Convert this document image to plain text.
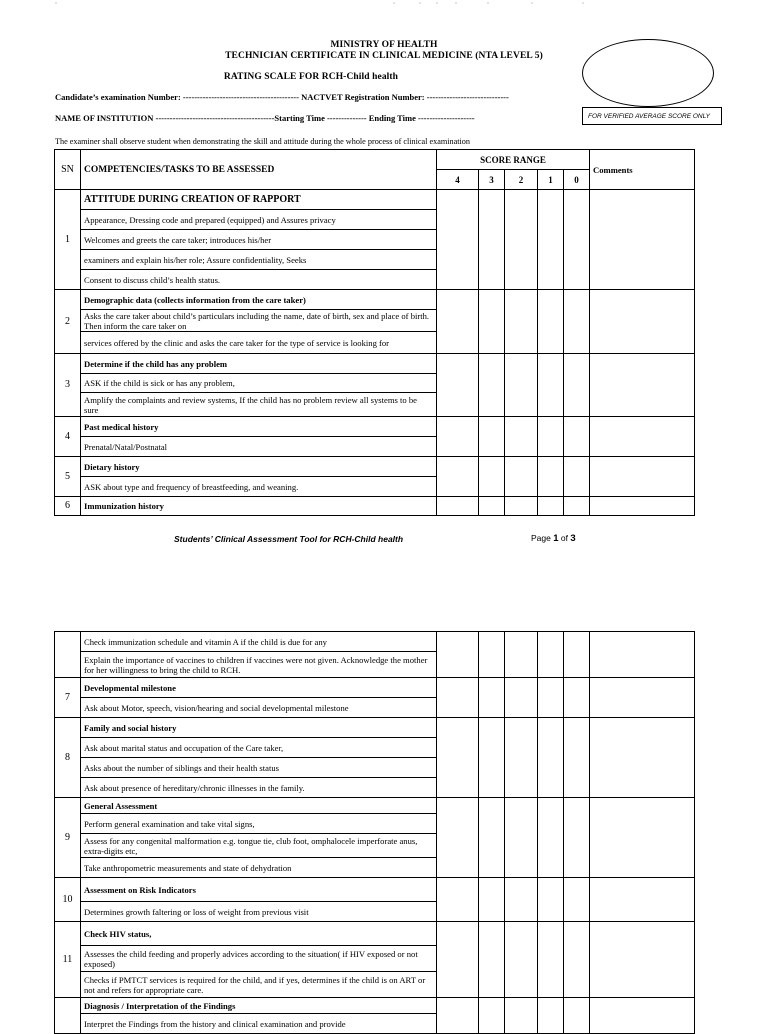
MINISTRY OF HEALTH
TECHNICIAN CERTIFICATE IN CLINICAL MEDICINE (NTA LEVEL 5)
RATING SCALE FOR RCH-Child health
FOR VERIFIED AVERAGE SCORE ONLY
Candidate’s examination Number: ----------------------------------------- NACTVET Registration Number: -----------------------------
NAME OF INSTITUTION ------------------------------------------Starting Time -------------- Ending Time --------------------
The examiner shall observe student when demonstrating the skill and attitude during the whole process of clinical examination
SN	COMPETENCIES/TASKS TO BE ASSESSED	SCORE RANGE					Comments
		4	3	2	1	0	
1	ATTITUDE DURING CREATION OF RAPPORT						
	Appearance, Dressing code and prepared (equipped) and Assures privacy						
	Welcomes and greets the care taker; introduces his/her						
	examiners and explain his/her role; Assure confidentiality, Seeks						
	Consent to discuss child’s health status.						
2	Demographic data (collects information from the care taker)						
	Asks the care taker about child’s particulars including the name, date of birth, sex and place of birth. Then inform the care taker on						
	services offered by the clinic and asks the care taker for the type of service is looking for						
3	Determine if the child has any problem						
	ASK if the child is sick or has any problem,						
	Amplify the complaints and review systems, If the child has no problem review all systems to be sure						
4	Past medical history						
	Prenatal/Natal/Postnatal						
5	Dietary history						
	ASK about type and frequency of breastfeeding, and weaning.						
6	Immunization history						
Students’ Clinical Assessment Tool for RCH-Child health	Page 1 of 3
	Check immunization schedule and vitamin A if the child is due for any						
	Explain the importance of vaccines to children if vaccines were not given. Acknowledge the mother for her willingness to bring the child to RCH.						
7	Developmental milestone						
	Ask about Motor, speech, vision/hearing and social developmental milestone						
8	Family and social history						
	Ask about marital status and occupation of the Care taker,						
	Asks about the number of siblings and their health status						
	Ask about presence of hereditary/chronic illnesses in the family.						
9	General Assessment						
	Perform general examination and take vital signs,						
	Assess for any congenital malformation e.g. tongue tie, club foot, omphalocele imperforate anus, extra-digits etc,						
	Take anthropometric measurements and state of dehydration						
10	Assessment on Risk Indicators						
	Determines growth faltering or loss of weight from previous visit						
11	Check HIV status,						
	Assesses the child feeding and properly advices according to the situation( if HIV exposed or not exposed)						
	Checks if PMTCT services is required for the child, and if yes, determines if the child is on ART or not and refers for appropriate care.						
	Diagnosis / Interpretation of the Findings						
	Interpret the Findings from the history and clinical examination and provide						
